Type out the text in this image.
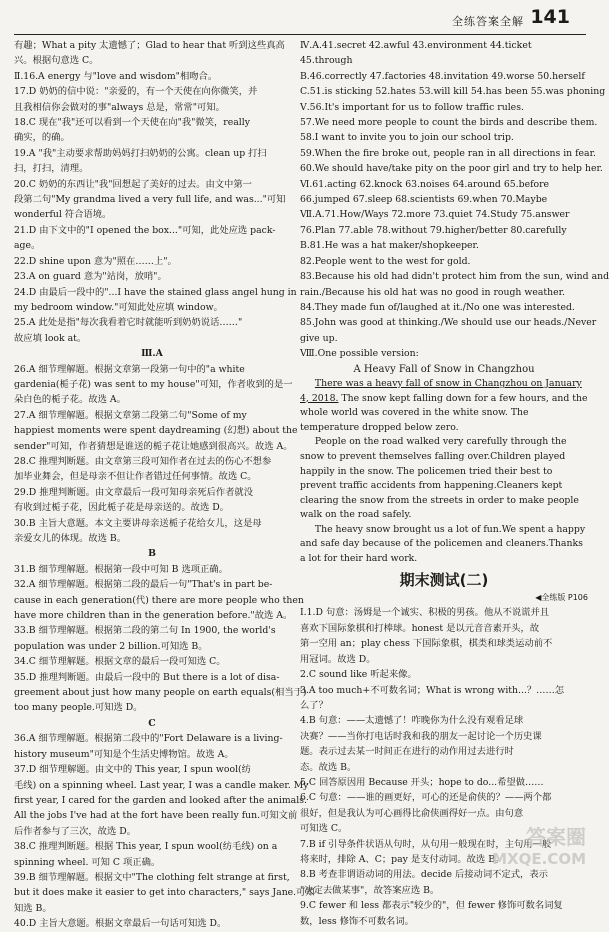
全练答案全解 141
有趣；What a pity 太遗憾了；Glad to hear that 听到这些真高
兴。根据句意选 C。
Ⅱ.16.A energy 与"love and wisdom"相吻合。
17.D 奶奶的信中说："亲爱的，有一个天使在向你微笑，并
且我相信你会做对的事"always 总是，常常"可知。
18.C 现在"我"还可以看到一个天使在向"我"微笑，really
确实，的确。
19.A "我"主动要求帮助妈妈打扫奶奶的公寓。clean up 打扫
扫，打扫，清理。
20.C 奶奶的东西让"我"回想起了美好的过去。由文中第一
段第二句"My grandma lived a very full life, and was..."可知
wonderful 符合语境。
21.D 由下文中的"I opened the box..."可知，此处应选 pack-
age。
22.D shine upon 意为"照在……上"。
23.A on guard 意为"站岗，放哨"。
24.D 由最后一段中的"...I have the stained glass angel hung in
my bedroom window."可知此处应填 window。
25.A 此处是指"每次我看着它时就能听到奶奶说话……"
故应填 look at。
Ⅲ.A
26.A 细节理解题。根据文章第一段第一句中的"a white
gardenia(栀子花) was sent to my house"可知，作者收到的是一
朵白色的栀子花。故选 A。
27.A 细节理解题。根据文章第二段第二句"Some of my
happiest moments were spent daydreaming (幻想) about the
sender"可知，作者猜想是谁送的栀子花让她感到很高兴。故选 A。
28.C 推理判断题。由文章第三段可知作者在过去的伤心不想参
加毕业舞会，但是母亲不但让作者错过任何事情。故选 C。
29.D 推理判断题。由文章最后一段可知母亲死后作者就没
有收到过栀子花，因此栀子花是母亲送的。故选 D。
30.B 主旨大意题。本文主要讲母亲送栀子花给女儿，这是母
亲爱女儿的体现。故选 B。
B
31.B 细节理解题。根据第一段中可知 B 选项正确。
32.A 细节理解题。根据第二段的最后一句"That's in part be-
cause in each generation(代) there are more people who then
have more children than in the generation before."故选 A。
33.B 细节理解题。根据第二段的第二句 In 1900, the world's
population was under 2 billion.可知选 B。
34.C 细节理解题。根据文章的最后一段可知选 C。
35.D 推理判断题。由最后一段中的 But there is a lot of disa-
greement about just how many people on earth equals(相当于)
too many people.可知选 D。
C
36.A 细节理解题。根据第二段中的"Fort Delaware is a living-
history museum"可知是个生活史博物馆。故选 A。
37.D 细节理解题。由文中的 This year, I spun wool(纺
毛线) on a spinning wheel. Last year, I was a candle maker. My
first year, I cared for the garden and looked after the animals.
All the jobs I've had at the fort have been really fun.可知文前
后作者参与了三次，故选 D。
38.C 推理判断题。根据 This year, I spun wool(纺毛线) on a
spinning wheel. 可知 C 项正确。
39.B 细节理解题。根据文中"The clothing felt strange at first,
but it does make it easier to get into characters," says Jane.可知
知选 B。
40.D 主旨大意题。根据文章最后一句话可知选 D。
Ⅳ.A.41.secret 42.awful 43.environment 44.ticket
45.through
B.46.correctly 47.factories 48.invitation 49.worse 50.herself
C.51.is sticking 52.hates 53.will kill 54.has been 55.was phoning
Ⅴ.56.It's important for us to follow traffic rules.
57.We need more people to count the birds and describe them.
58.I want to invite you to join our school trip.
59.When the fire broke out, people ran in all directions in fear.
60.We should have/take pity on the poor girl and try to help her.
Ⅵ.61.acting 62.knock 63.noises 64.around 65.before
66.jumped 67.sleep 68.scientists 69.when 70.Maybe
Ⅶ.A.71.How/Ways 72.more 73.quiet 74.Study 75.answer
76.Plan 77.able 78.without 79.higher/better 80.carefully
B.81.He was a hat maker/shopkeeper.
82.People went to the west for gold.
83.Because his old had didn't protect him from the sun, wind and
rain./Because his old hat was no good in rough weather.
84.They made fun of/laughed at it./No one was interested.
85.John was good at thinking./We should use our heads./Never
give up.
Ⅷ.One possible version:
A Heavy Fall of Snow in Changzhou
There was a heavy fall of snow in Changzhou on January 4, 2018. The snow kept falling down for a few hours, and the whole world was covered in the white snow. The temperature dropped below zero.
People on the road walked very carefully through the snow to prevent themselves falling over.Children played happily in the snow. The policemen tried their best to prevent traffic accidents from happening.Cleaners kept clearing the snow from the streets in order to make people walk on the road safely.
The heavy snow brought us a lot of fun.We spent a happy and safe day because of the policemen and cleaners.Thanks a lot for their hard work.
期末测试(二)
◀全练版 P106
Ⅰ.1.D 句意：汤姆是一个诚实、积极的男孩。他从不说谎并且
喜欢下国际象棋和打棒球。honest 是以元音音素开头，故
第一空用 an；play chess 下国际象棋，棋类和球类运动前不
用冠词。故选 D。
2.C sound like 听起来像。
3.A too much+不可数名词；What is wrong with...？……怎
么了？
4.B 句意：——太遗憾了！咋晚你为什么没有观看足球
决赛？——当你打电话时我和我的朋友一起讨论一个历史课
题。表示过去某一时间正在进行的动作用过去进行时
态。故选 B。
5.C 回答原因用 Because 开头；hope to do...希望做……
6.C 句意：——谁的画更好，可心的还是俞侠的？——两个都
很好，但是我认为可心画得比俞侠画得好一点。由句意
可知选 C。
7.B if 引导条件状语从句时，从句用一般现在时，主句用一般
将来时，排除 A、C；pay 是支付动词。故选 B。
8.B 考查非谓语动词的用法。decide 后接动词不定式，表示
"决定去做某事"，故答案应选 B。
9.C fewer 和 less 都表示"较少的"，但 fewer 修饰可数名词复
数，less 修饰不可数名词。
答案圈
MXQE.COM
